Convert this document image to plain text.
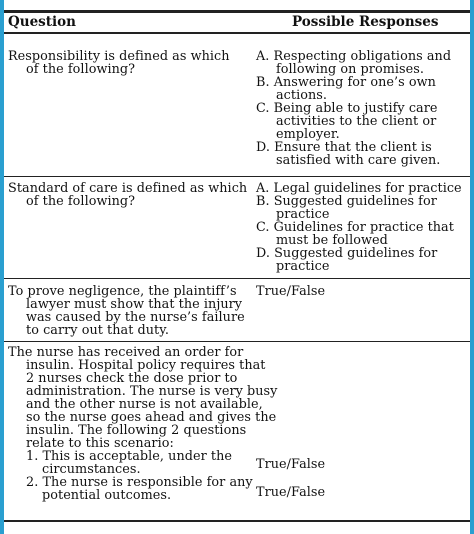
Question	Possible Responses
Responsibility is defined as which
of the following?
A. Respecting obligations and
following on promises.
B. Answering for one’s own
actions.
C. Being able to justify care
activities to the client or
employer.
D. Ensure that the client is
satisfied with care given.
Standard of care is defined as which
of the following?
A. Legal guidelines for practice
B. Suggested guidelines for
practice
C. Guidelines for practice that
must be followed
D. Suggested guidelines for
practice
To prove negligence, the plaintiff’s
lawyer must show that the injury
was caused by the nurse’s failure
to carry out that duty.
True/False
The nurse has received an order for
insulin. Hospital policy requires that
2 nurses check the dose prior to
administration. The nurse is very busy
and the other nurse is not available,
so the nurse goes ahead and gives the
insulin. The following 2 questions
relate to this scenario:
1. This is acceptable, under the
circumstances.
2. The nurse is responsible for any
potential outcomes.
True/False
True/False
